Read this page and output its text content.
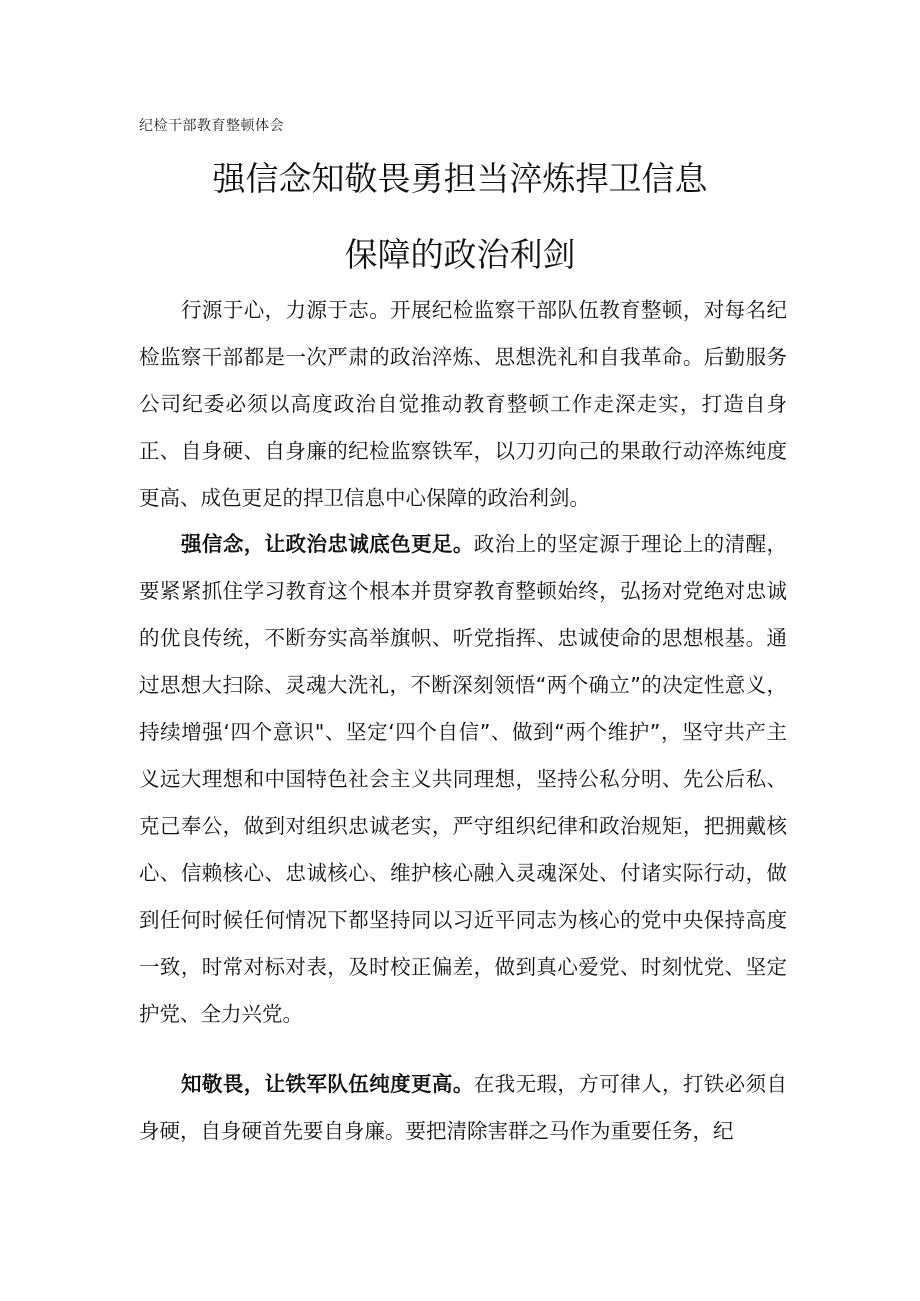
纪检干部教育整顿体会
强信念知敬畏勇担当淬炼捍卫信息
保障的政治利剑

行源于心，力源于志。开展纪检监察干部队伍教育整顿，对每名纪检监察干部都是一次严肃的政治淬炼、思想洗礼和自我革命。后勤服务公司纪委必须以高度政治自觉推动教育整顿工作走深走实，打造自身正、自身硬、自身廉的纪检监察铁军，以刀刃向己的果敢行动淬炼纯度更高、成色更足的捍卫信息中心保障的政治利剑。

强信念，让政治忠诚底色更足。政治上的坚定源于理论上的清醒，要紧紧抓住学习教育这个根本并贯穿教育整顿始终，弘扬对党绝对忠诚的优良传统，不断夯实高举旗帜、听党指挥、忠诚使命的思想根基。通过思想大扫除、灵魂大洗礼，不断深刻领悟“两个确立”的决定性意义，持续增强‘四个意识"、坚定‘四个自信”、做到“两个维护”，坚守共产主义远大理想和中国特色社会主义共同理想，坚持公私分明、先公后私、克己奉公，做到对组织忠诚老实，严守组织纪律和政治规矩，把拥戴核心、信赖核心、忠诚核心、维护核心融入灵魂深处、付诸实际行动，做到任何时候任何情况下都坚持同以习近平同志为核心的党中央保持高度一致，时常对标对表，及时校正偏差，做到真心爱党、时刻忧党、坚定护党、全力兴党。

知敬畏，让铁军队伍纯度更高。在我无瑕，方可律人，打铁必须自身硬，自身硬首先要自身廉。要把清除害群之马作为重要任务，纪
